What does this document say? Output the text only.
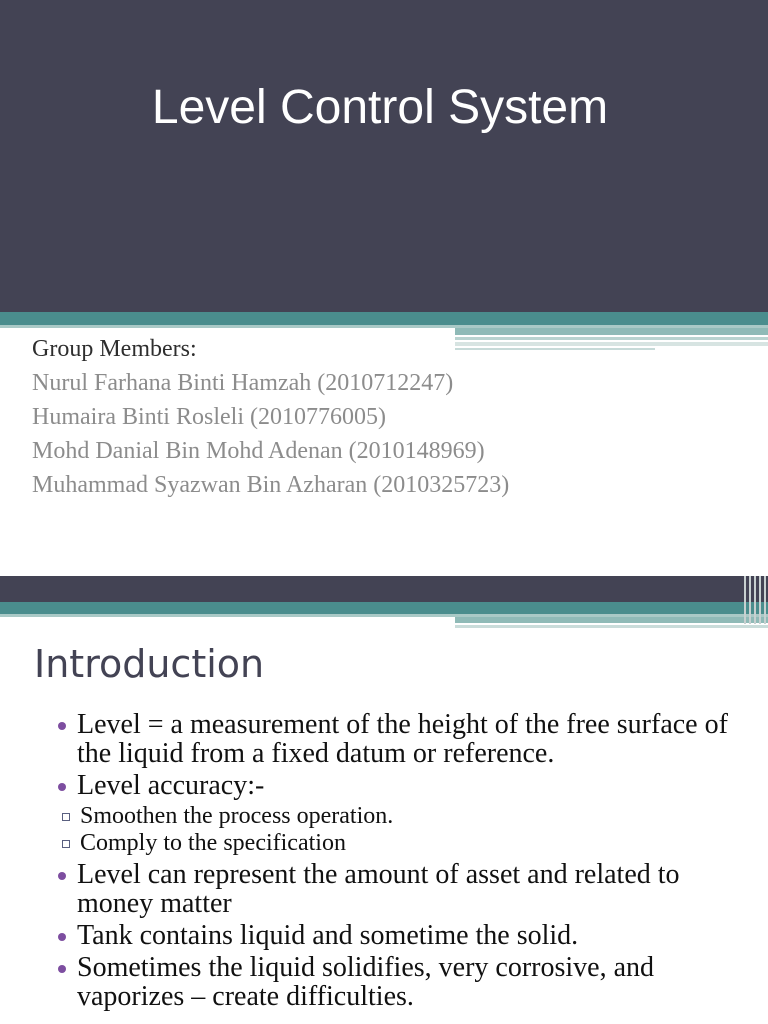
Level Control System
Group Members:
Nurul Farhana Binti Hamzah (2010712247)
Humaira Binti Rosleli (2010776005)
Mohd Danial Bin Mohd Adenan (2010148969)
Muhammad Syazwan Bin Azharan (2010325723)
Introduction
Level = a measurement of the height of the free surface of the liquid from a fixed datum or reference.
Level accuracy:-
Smoothen the process operation.
Comply to the specification
Level can represent the amount of asset and related to money matter
Tank contains liquid and sometime the solid.
Sometimes the liquid solidifies, very corrosive, and vaporizes – create difficulties.
